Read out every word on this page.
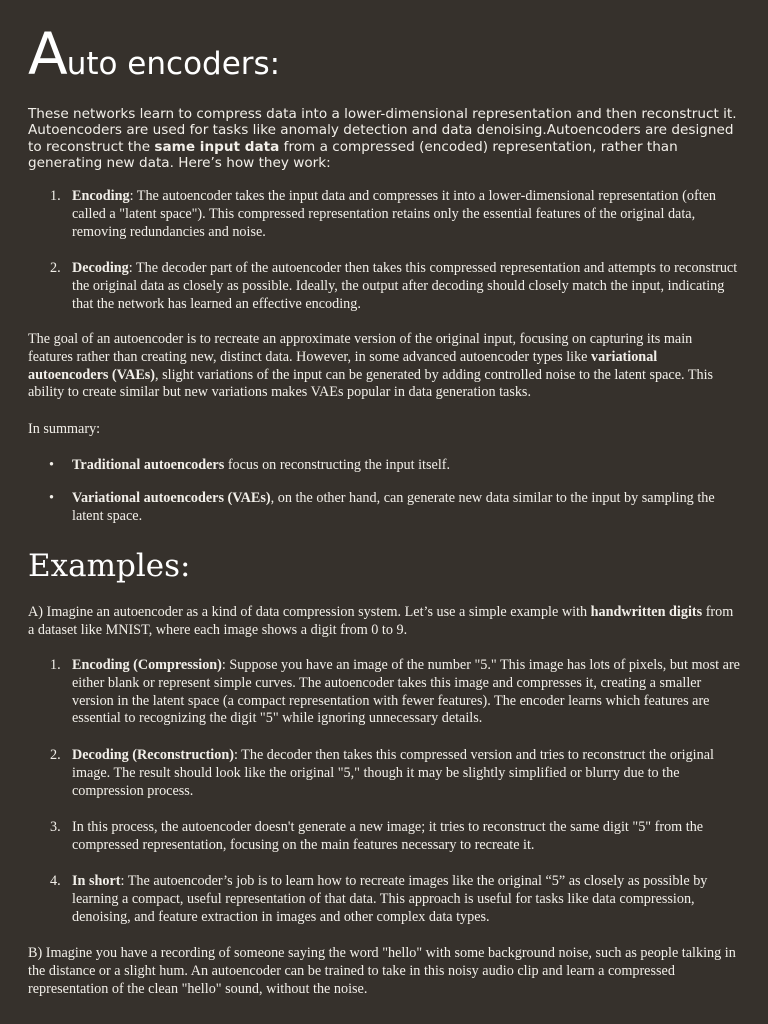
Auto encoders:

These networks learn to compress data into a lower-dimensional representation and then reconstruct it. Autoencoders are used for tasks like anomaly detection and data denoising.Autoencoders are designed to reconstruct the same input data from a compressed (encoded) representation, rather than generating new data. Here’s how they work:

1. Encoding: The autoencoder takes the input data and compresses it into a lower-dimensional representation (often called a "latent space"). This compressed representation retains only the essential features of the original data, removing redundancies and noise.
2. Decoding: The decoder part of the autoencoder then takes this compressed representation and attempts to reconstruct the original data as closely as possible. Ideally, the output after decoding should closely match the input, indicating that the network has learned an effective encoding.

The goal of an autoencoder is to recreate an approximate version of the original input, focusing on capturing its main features rather than creating new, distinct data. However, in some advanced autoencoder types like variational autoencoders (VAEs), slight variations of the input can be generated by adding controlled noise to the latent space. This ability to create similar but new variations makes VAEs popular in data generation tasks.

In summary:

• Traditional autoencoders focus on reconstructing the input itself.
• Variational autoencoders (VAEs), on the other hand, can generate new data similar to the input by sampling the latent space.
Examples:

A) Imagine an autoencoder as a kind of data compression system. Let’s use a simple example with handwritten digits from a dataset like MNIST, where each image shows a digit from 0 to 9.

1. Encoding (Compression): Suppose you have an image of the number "5." This image has lots of pixels, but most are either blank or represent simple curves. The autoencoder takes this image and compresses it, creating a smaller version in the latent space (a compact representation with fewer features). The encoder learns which features are essential to recognizing the digit "5" while ignoring unnecessary details.
2. Decoding (Reconstruction): The decoder then takes this compressed version and tries to reconstruct the original image. The result should look like the original "5," though it may be slightly simplified or blurry due to the compression process.
3. In this process, the autoencoder doesn't generate a new image; it tries to reconstruct the same digit "5" from the compressed representation, focusing on the main features necessary to recreate it.
4. In short: The autoencoder’s job is to learn how to recreate images like the original “5” as closely as possible by learning a compact, useful representation of that data. This approach is useful for tasks like data compression, denoising, and feature extraction in images and other complex data types.

B) Imagine you have a recording of someone saying the word "hello" with some background noise, such as people talking in the distance or a slight hum. An autoencoder can be trained to take in this noisy audio clip and learn a compressed representation of the clean "hello" sound, without the noise.
